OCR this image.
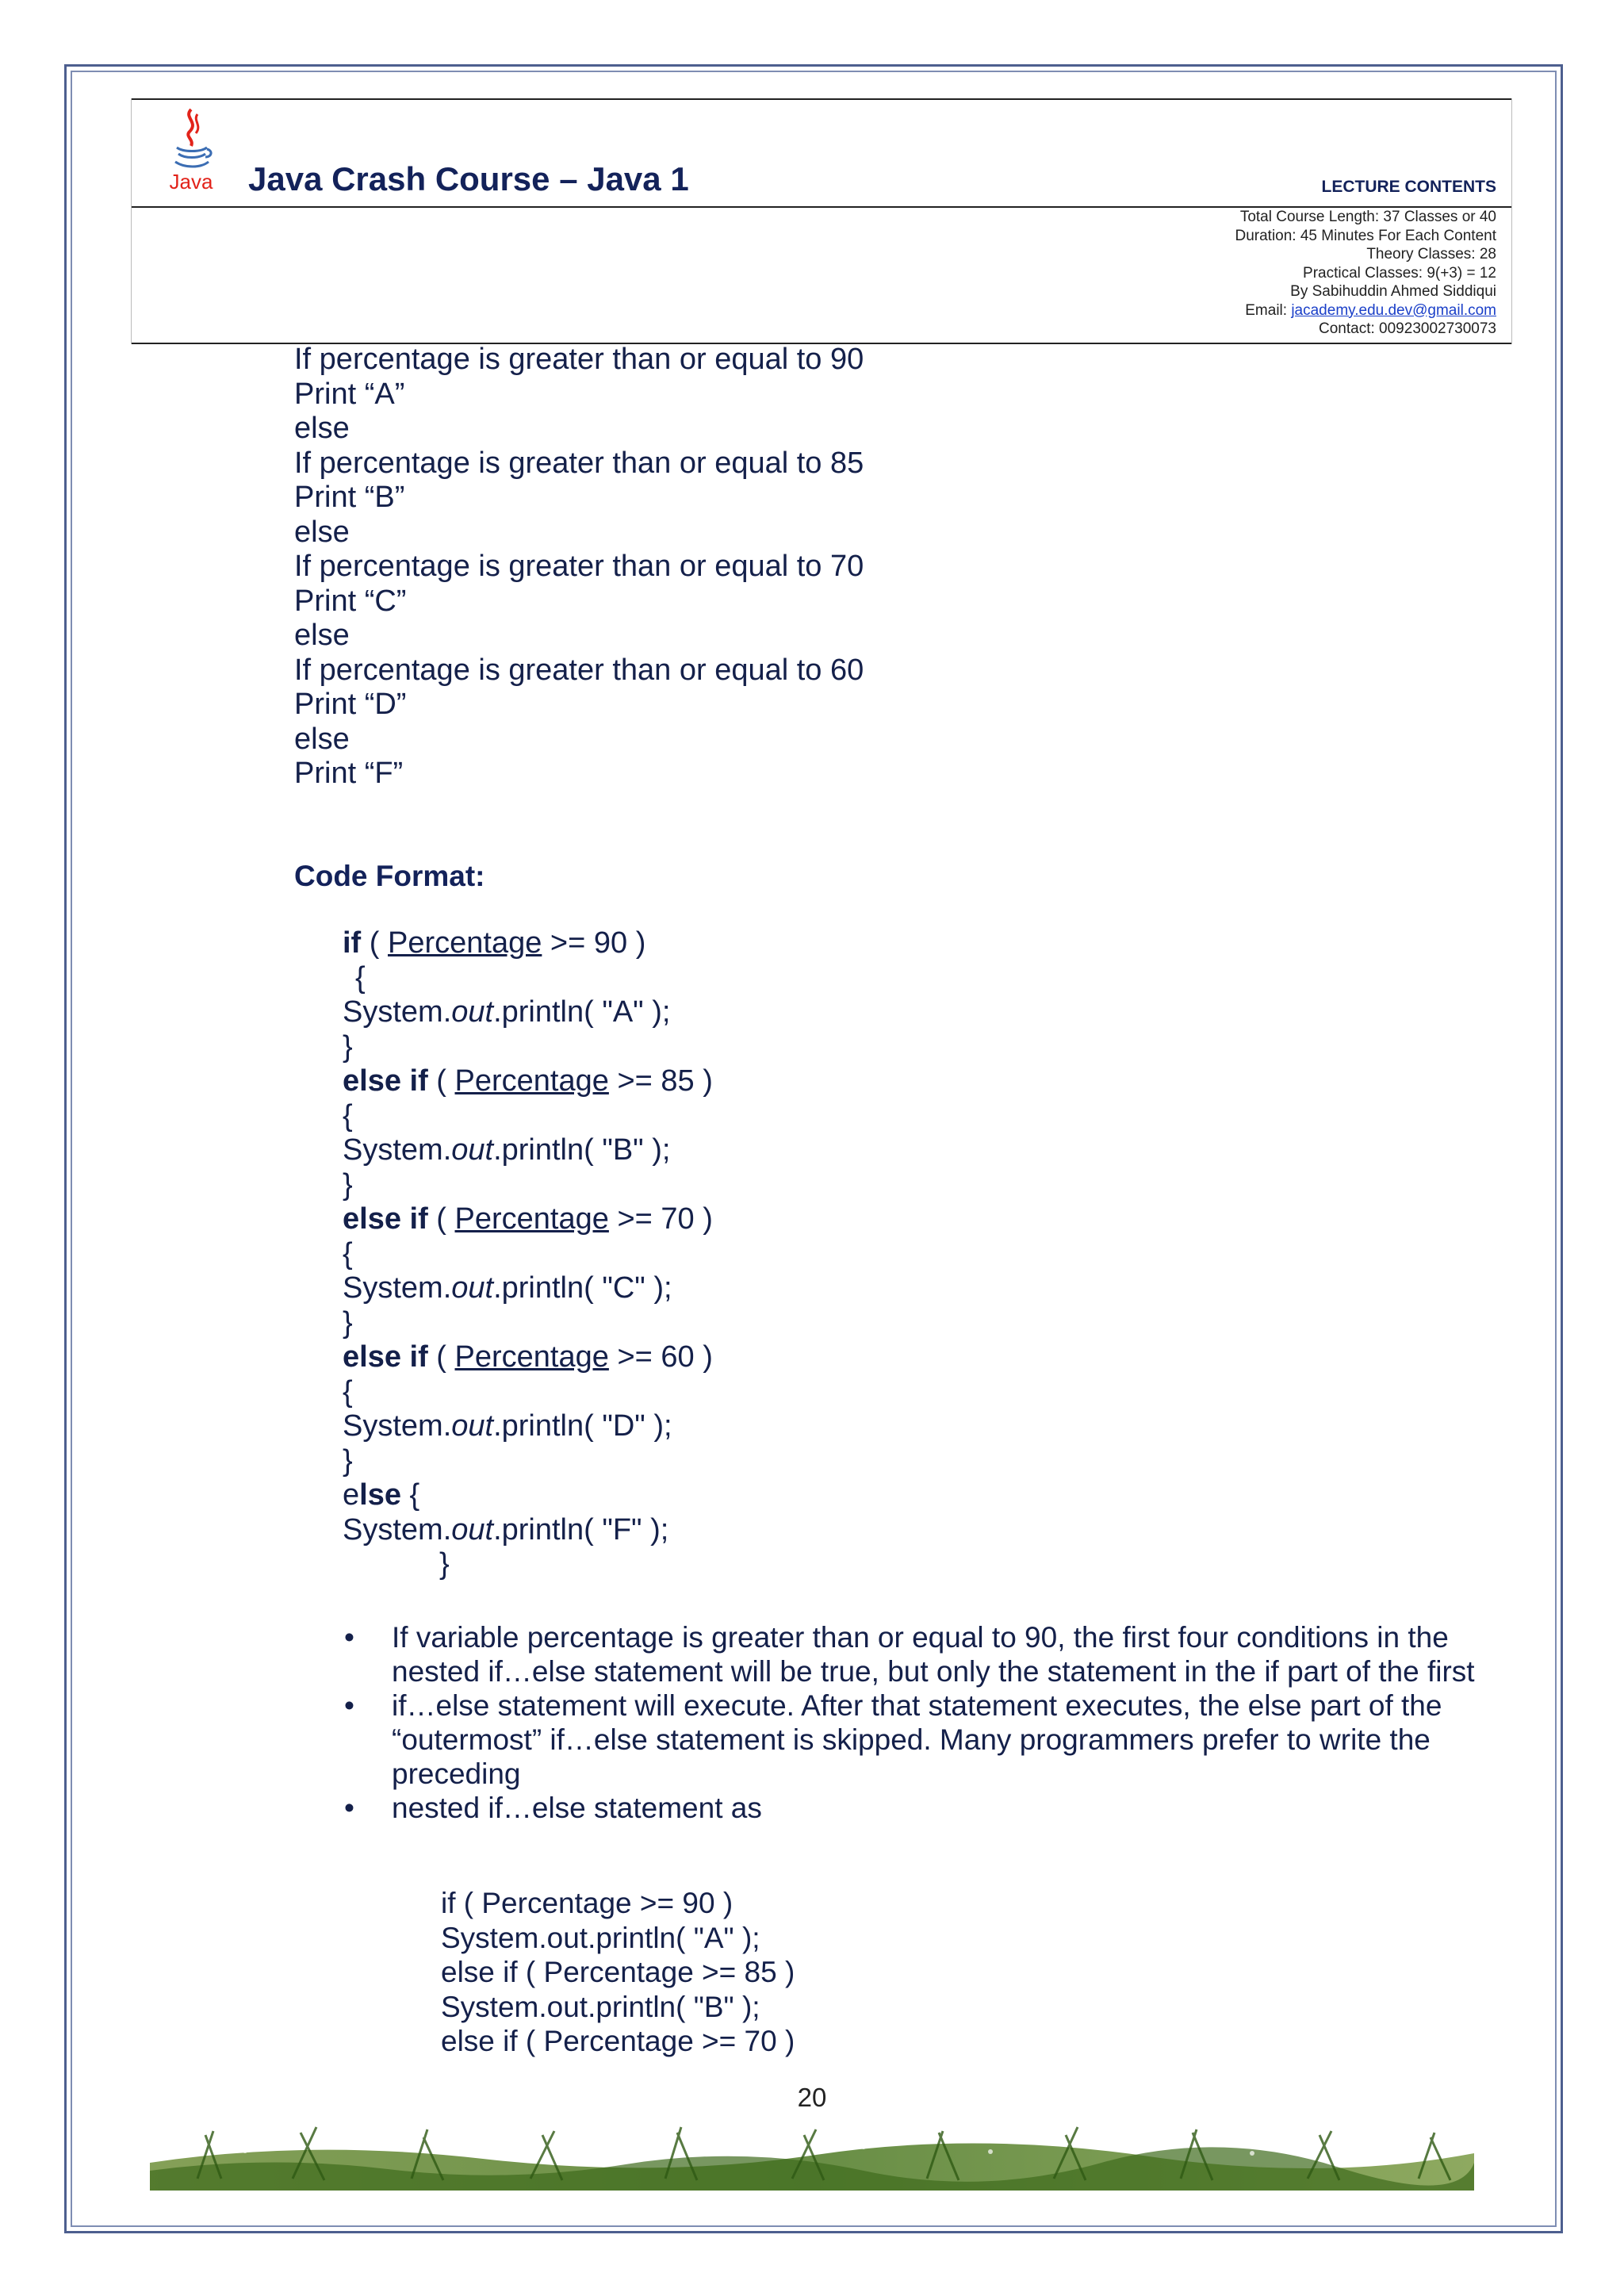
Java Java Crash Course – Java 1	LECTURE CONTENTS
Total Course Length: 37 Classes or 40
Duration: 45 Minutes For Each Content
Theory Classes: 28
Practical Classes: 9(+3) = 12
By Sabihuddin Ahmed Siddiqui
Email: jacademy.edu.dev@gmail.com
Contact: 00923002730073
If percentage is greater than or equal to 90
Print “A”
else
If percentage is greater than or equal to 85
Print “B”
else
If percentage is greater than or equal to 70
Print “C”
else
If percentage is greater than or equal to 60
Print “D”
else
Print “F”
Code Format:
if ( Percentage >= 90 )
{
System.out.println( "A" );
}
else if ( Percentage >= 85 )
{
System.out.println( "B" );
}
else if ( Percentage >= 70 )
{
System.out.println( "C" );
}
else if ( Percentage >= 60 )
{
System.out.println( "D" );
}
else {
System.out.println( "F" );
}
• If variable percentage is greater than or equal to 90, the first four conditions in the nested if…else statement will be true, but only the statement in the if part of the first
• if…else statement will execute. After that statement executes, the else part of the “outermost” if…else statement is skipped. Many programmers prefer to write the preceding
• nested if…else statement as
if ( Percentage >= 90 )
System.out.println( "A" );
else if ( Percentage >= 85 )
System.out.println( "B" );
else if ( Percentage >= 70 )
20
